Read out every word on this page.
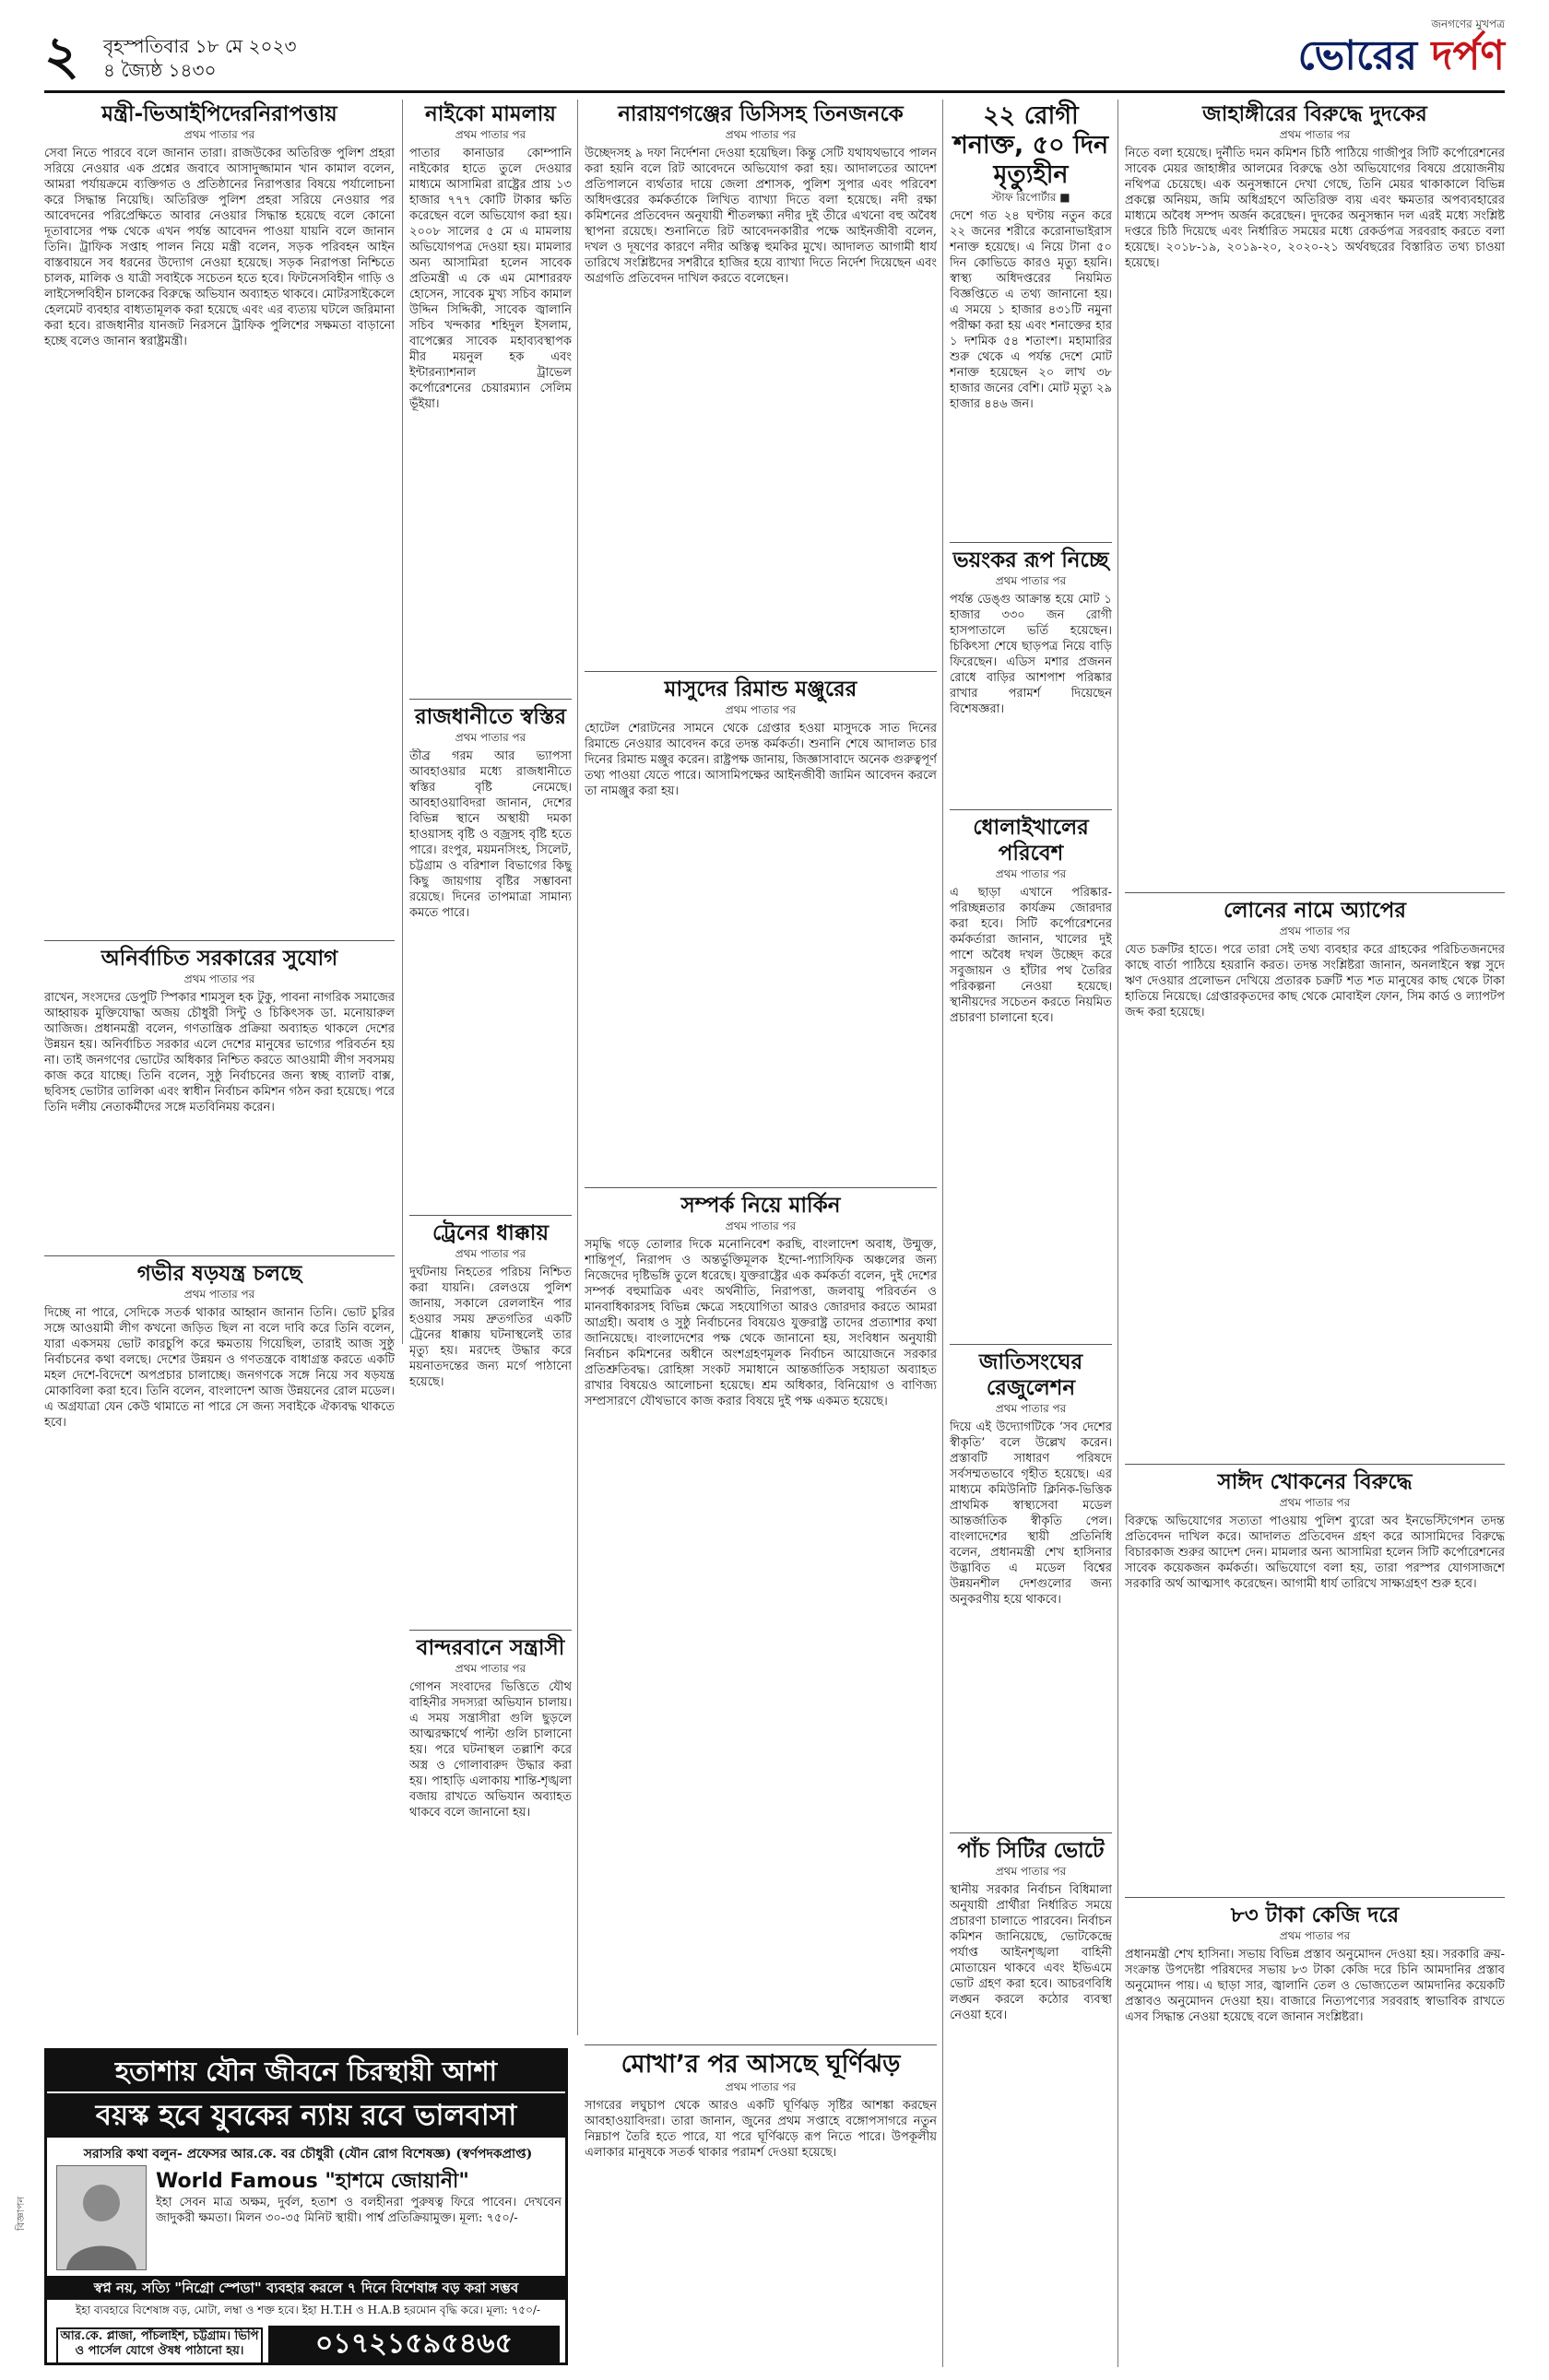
২ বৃহস্পতিবার ১৮ মে ২০২৩
৪ জ্যৈষ্ঠ ১৪৩০
জনগণের মুখপত্র
ভোরের দর্পণ
মন্ত্রী-ভিআইপিদেরনিরাপত্তায়
প্রথম পাতার পর
সেবা নিতে পারবে বলে জানান তারা। রাজউকের অতিরিক্ত পুলিশ প্রহরা সরিয়ে নেওয়ার এক প্রশ্নের জবাবে আসাদুজ্জামান খান কামাল বলেন, আমরা পর্যায়ক্রমে ব্যক্তিগত ও প্রতিষ্ঠানের নিরাপত্তার বিষয়ে পর্যালোচনা করে সিদ্ধান্ত নিয়েছি। অতিরিক্ত পুলিশ প্রহরা সরিয়ে নেওয়ার পর আবেদনের পরিপ্রেক্ষিতে আবার নেওয়ার সিদ্ধান্ত হয়েছে বলে কোনো দূতাবাসের পক্ষ থেকে এখন পর্যন্ত আবেদন পাওয়া যায়নি বলে জানান তিনি। ট্রাফিক সপ্তাহ পালন নিয়ে মন্ত্রী বলেন, সড়ক পরিবহন আইন বাস্তবায়নে সব ধরনের উদ্যোগ নেওয়া হয়েছে। সড়ক নিরাপত্তা নিশ্চিতে চালক, মালিক ও যাত্রী সবাইকে সচেতন হতে হবে। ফিটনেসবিহীন গাড়ি ও লাইসেন্সবিহীন চালকের বিরুদ্ধে অভিযান অব্যাহত থাকবে। মোটরসাইকেলে হেলমেট ব্যবহার বাধ্যতামূলক করা হয়েছে এবং এর ব্যত্যয় ঘটলে জরিমানা করা হবে। রাজধানীর যানজট নিরসনে ট্রাফিক পুলিশের সক্ষমতা বাড়ানো হচ্ছে বলেও জানান স্বরাষ্ট্রমন্ত্রী।
নাইকো মামলায়
প্রথম পাতার পর
পাতার কানাডার কোম্পানি নাইকোর হাতে তুলে দেওয়ার মাধ্যমে আসামিরা রাষ্ট্রের প্রায় ১৩ হাজার ৭৭৭ কোটি টাকার ক্ষতি করেছেন বলে অভিযোগ করা হয়। ২০০৮ সালের ৫ মে এ মামলায় অভিযোগপত্র দেওয়া হয়। মামলার অন্য আসামিরা হলেন সাবেক প্রতিমন্ত্রী এ কে এম মোশাররফ হোসেন, সাবেক মুখ্য সচিব কামাল উদ্দিন সিদ্দিকী, সাবেক জ্বালানি সচিব খন্দকার শহিদুল ইসলাম, বাপেক্সের সাবেক মহাব্যবস্থাপক মীর ময়নুল হক এবং ইন্টারন্যাশনাল ট্রাভেল কর্পোরেশনের চেয়ারম্যান সেলিম ভূঁইয়া।
নারায়ণগঞ্জের ডিসিসহ তিনজনকে
প্রথম পাতার পর
উচ্ছেদসহ ৯ দফা নির্দেশনা দেওয়া হয়েছিল। কিন্তু সেটি যথাযথভাবে পালন করা হয়নি বলে রিট আবেদনে অভিযোগ করা হয়। আদালতের আদেশ প্রতিপালনে ব্যর্থতার দায়ে জেলা প্রশাসক, পুলিশ সুপার এবং পরিবেশ অধিদপ্তরের কর্মকর্তাকে লিখিত ব্যাখ্যা দিতে বলা হয়েছে। নদী রক্ষা কমিশনের প্রতিবেদন অনুযায়ী শীতলক্ষ্যা নদীর দুই তীরে এখনো বহু অবৈধ স্থাপনা রয়েছে। শুনানিতে রিট আবেদনকারীর পক্ষে আইনজীবী বলেন, দখল ও দূষণের কারণে নদীর অস্তিত্ব হুমকির মুখে। আদালত আগামী ধার্য তারিখে সংশ্লিষ্টদের সশরীরে হাজির হয়ে ব্যাখ্যা দিতে নির্দেশ দিয়েছেন এবং অগ্রগতি প্রতিবেদন দাখিল করতে বলেছেন।
২২ রোগী শনাক্ত, ৫০ দিন মৃত্যুহীন
স্টাফ রিপোর্টার ■
দেশে গত ২৪ ঘণ্টায় নতুন করে ২২ জনের শরীরে করোনাভাইরাস শনাক্ত হয়েছে। এ নিয়ে টানা ৫০ দিন কোভিডে কারও মৃত্যু হয়নি। স্বাস্থ্য অধিদপ্তরের নিয়মিত বিজ্ঞপ্তিতে এ তথ্য জানানো হয়। এ সময়ে ১ হাজার ৪৩১টি নমুনা পরীক্ষা করা হয় এবং শনাক্তের হার ১ দশমিক ৫৪ শতাংশ। মহামারির শুরু থেকে এ পর্যন্ত দেশে মোট শনাক্ত হয়েছেন ২০ লাখ ৩৮ হাজার জনের বেশি। মোট মৃত্যু ২৯ হাজার ৪৪৬ জন।
জাহাঙ্গীরের বিরুদ্ধে দুদকের
প্রথম পাতার পর
নিতে বলা হয়েছে। দুর্নীতি দমন কমিশন চিঠি পাঠিয়ে গাজীপুর সিটি কর্পোরেশনের সাবেক মেয়র জাহাঙ্গীর আলমের বিরুদ্ধে ওঠা অভিযোগের বিষয়ে প্রয়োজনীয় নথিপত্র চেয়েছে। এক অনুসন্ধানে দেখা গেছে, তিনি মেয়র থাকাকালে বিভিন্ন প্রকল্পে অনিয়ম, জমি অধিগ্রহণে অতিরিক্ত ব্যয় এবং ক্ষমতার অপব্যবহারের মাধ্যমে অবৈধ সম্পদ অর্জন করেছেন। দুদকের অনুসন্ধান দল এরই মধ্যে সংশ্লিষ্ট দপ্তরে চিঠি দিয়েছে এবং নির্ধারিত সময়ের মধ্যে রেকর্ডপত্র সরবরাহ করতে বলা হয়েছে। ২০১৮-১৯, ২০১৯-২০, ২০২০-২১ অর্থবছরের বিস্তারিত তথ্য চাওয়া হয়েছে।
অনির্বাচিত সরকারের সুযোগ
প্রথম পাতার পর
রাখেন, সংসদের ডেপুটি স্পিকার শামসুল হক টুকু, পাবনা নাগরিক সমাজের আহ্বায়ক মুক্তিযোদ্ধা অজয় চৌধুরী সিন্টু ও চিকিৎসক ডা. মনোয়ারুল আজিজ। প্রধানমন্ত্রী বলেন, গণতান্ত্রিক প্রক্রিয়া অব্যাহত থাকলে দেশের উন্নয়ন হয়। অনির্বাচিত সরকার এলে দেশের মানুষের ভাগ্যের পরিবর্তন হয় না। তাই জনগণের ভোটের অধিকার নিশ্চিত করতে আওয়ামী লীগ সবসময় কাজ করে যাচ্ছে। তিনি বলেন, সুষ্ঠু নির্বাচনের জন্য স্বচ্ছ ব্যালট বাক্স, ছবিসহ ভোটার তালিকা এবং স্বাধীন নির্বাচন কমিশন গঠন করা হয়েছে। পরে তিনি দলীয় নেতাকর্মীদের সঙ্গে মতবিনিময় করেন।
রাজধানীতে স্বস্তির
প্রথম পাতার পর
তীব্র গরম আর ভ্যাপসা আবহাওয়ার মধ্যে রাজধানীতে স্বস্তির বৃষ্টি নেমেছে। আবহাওয়াবিদরা জানান, দেশের বিভিন্ন স্থানে অস্থায়ী দমকা হাওয়াসহ বৃষ্টি ও বজ্রসহ বৃষ্টি হতে পারে। রংপুর, ময়মনসিংহ, সিলেট, চট্টগ্রাম ও বরিশাল বিভাগের কিছু কিছু জায়গায় বৃষ্টির সম্ভাবনা রয়েছে। দিনের তাপমাত্রা সামান্য কমতে পারে।
মাসুদের রিমান্ড মঞ্জুরের
প্রথম পাতার পর
হোটেল শেরাটনের সামনে থেকে গ্রেপ্তার হওয়া মাসুদকে সাত দিনের রিমান্ডে নেওয়ার আবেদন করে তদন্ত কর্মকর্তা। শুনানি শেষে আদালত চার দিনের রিমান্ড মঞ্জুর করেন। রাষ্ট্রপক্ষ জানায়, জিজ্ঞাসাবাদে অনেক গুরুত্বপূর্ণ তথ্য পাওয়া যেতে পারে। আসামিপক্ষের আইনজীবী জামিন আবেদন করলে তা নামঞ্জুর করা হয়।
ভয়ংকর রূপ নিচ্ছে
প্রথম পাতার পর
পর্যন্ত ডেঙ্গু আক্রান্ত হয়ে মোট ১ হাজার ৩৩০ জন রোগী হাসপাতালে ভর্তি হয়েছেন। চিকিৎসা শেষে ছাড়পত্র নিয়ে বাড়ি ফিরেছেন। এডিস মশার প্রজনন রোধে বাড়ির আশপাশ পরিষ্কার রাখার পরামর্শ দিয়েছেন বিশেষজ্ঞরা।
ধোলাইখালের পরিবেশ
প্রথম পাতার পর
এ ছাড়া এখানে পরিষ্কার-পরিচ্ছন্নতার কার্যক্রম জোরদার করা হবে। সিটি কর্পোরেশনের কর্মকর্তারা জানান, খালের দুই পাশে অবৈধ দখল উচ্ছেদ করে সবুজায়ন ও হাঁটার পথ তৈরির পরিকল্পনা নেওয়া হয়েছে। স্থানীয়দের সচেতন করতে নিয়মিত প্রচারণা চালানো হবে।
লোনের নামে অ্যাপের
প্রথম পাতার পর
যেত চক্রটির হাতে। পরে তারা সেই তথ্য ব্যবহার করে গ্রাহকের পরিচিতজনদের কাছে বার্তা পাঠিয়ে হয়রানি করত। তদন্ত সংশ্লিষ্টরা জানান, অনলাইনে স্বল্প সুদে ঋণ দেওয়ার প্রলোভন দেখিয়ে প্রতারক চক্রটি শত শত মানুষের কাছ থেকে টাকা হাতিয়ে নিয়েছে। গ্রেপ্তারকৃতদের কাছ থেকে মোবাইল ফোন, সিম কার্ড ও ল্যাপটপ জব্দ করা হয়েছে।
গভীর ষড়যন্ত্র চলছে
প্রথম পাতার পর
দিচ্ছে না পারে, সেদিকে সতর্ক থাকার আহ্বান জানান তিনি। ভোট চুরির সঙ্গে আওয়ামী লীগ কখনো জড়িত ছিল না বলে দাবি করে তিনি বলেন, যারা একসময় ভোট কারচুপি করে ক্ষমতায় গিয়েছিল, তারাই আজ সুষ্ঠু নির্বাচনের কথা বলছে। দেশের উন্নয়ন ও গণতন্ত্রকে বাধাগ্রস্ত করতে একটি মহল দেশে-বিদেশে অপপ্রচার চালাচ্ছে। জনগণকে সঙ্গে নিয়ে সব ষড়যন্ত্র মোকাবিলা করা হবে। তিনি বলেন, বাংলাদেশ আজ উন্নয়নের রোল মডেল। এ অগ্রযাত্রা যেন কেউ থামাতে না পারে সে জন্য সবাইকে ঐক্যবদ্ধ থাকতে হবে।
ট্রেনের ধাক্কায়
প্রথম পাতার পর
দুর্ঘটনায় নিহতের পরিচয় নিশ্চিত করা যায়নি। রেলওয়ে পুলিশ জানায়, সকালে রেললাইন পার হওয়ার সময় দ্রুতগতির একটি ট্রেনের ধাক্কায় ঘটনাস্থলেই তার মৃত্যু হয়। মরদেহ উদ্ধার করে ময়নাতদন্তের জন্য মর্গে পাঠানো হয়েছে।
বান্দরবানে সন্ত্রাসী
প্রথম পাতার পর
গোপন সংবাদের ভিত্তিতে যৌথ বাহিনীর সদস্যরা অভিযান চালায়। এ সময় সন্ত্রাসীরা গুলি ছুড়লে আত্মরক্ষার্থে পাল্টা গুলি চালানো হয়। পরে ঘটনাস্থল তল্লাশি করে অস্ত্র ও গোলাবারুদ উদ্ধার করা হয়। পাহাড়ি এলাকায় শান্তি-শৃঙ্খলা বজায় রাখতে অভিযান অব্যাহত থাকবে বলে জানানো হয়।
সম্পর্ক নিয়ে মার্কিন
প্রথম পাতার পর
সমৃদ্ধি গড়ে তোলার দিকে মনোনিবেশ করছি, বাংলাদেশ অবাধ, উন্মুক্ত, শান্তিপূর্ণ, নিরাপদ ও অন্তর্ভুক্তিমূলক ইন্দো-প্যাসিফিক অঞ্চলের জন্য নিজেদের দৃষ্টিভঙ্গি তুলে ধরেছে। যুক্তরাষ্ট্রের এক কর্মকর্তা বলেন, দুই দেশের সম্পর্ক বহুমাত্রিক এবং অর্থনীতি, নিরাপত্তা, জলবায়ু পরিবর্তন ও মানবাধিকারসহ বিভিন্ন ক্ষেত্রে সহযোগিতা আরও জোরদার করতে আমরা আগ্রহী। অবাধ ও সুষ্ঠু নির্বাচনের বিষয়েও যুক্তরাষ্ট্র তাদের প্রত্যাশার কথা জানিয়েছে। বাংলাদেশের পক্ষ থেকে জানানো হয়, সংবিধান অনুযায়ী নির্বাচন কমিশনের অধীনে অংশগ্রহণমূলক নির্বাচন আয়োজনে সরকার প্রতিশ্রুতিবদ্ধ। রোহিঙ্গা সংকট সমাধানে আন্তর্জাতিক সহায়তা অব্যাহত রাখার বিষয়েও আলোচনা হয়েছে। শ্রম অধিকার, বিনিয়োগ ও বাণিজ্য সম্প্রসারণে যৌথভাবে কাজ করার বিষয়ে দুই পক্ষ একমত হয়েছে।
জাতিসংঘের রেজুলেশন
প্রথম পাতার পর
দিয়ে এই উদ্যোগটিকে ‘সব দেশের স্বীকৃতি’ বলে উল্লেখ করেন। প্রস্তাবটি সাধারণ পরিষদে সর্বসম্মতভাবে গৃহীত হয়েছে। এর মাধ্যমে কমিউনিটি ক্লিনিক-ভিত্তিক প্রাথমিক স্বাস্থ্যসেবা মডেল আন্তর্জাতিক স্বীকৃতি পেল। বাংলাদেশের স্থায়ী প্রতিনিধি বলেন, প্রধানমন্ত্রী শেখ হাসিনার উদ্ভাবিত এ মডেল বিশ্বের উন্নয়নশীল দেশগুলোর জন্য অনুকরণীয় হয়ে থাকবে।
পাঁচ সিটির ভোটে
প্রথম পাতার পর
স্থানীয় সরকার নির্বাচন বিধিমালা অনুযায়ী প্রার্থীরা নির্ধারিত সময়ে প্রচারণা চালাতে পারবেন। নির্বাচন কমিশন জানিয়েছে, ভোটকেন্দ্রে পর্যাপ্ত আইনশৃঙ্খলা বাহিনী মোতায়েন থাকবে এবং ইভিএমে ভোট গ্রহণ করা হবে। আচরণবিধি লঙ্ঘন করলে কঠোর ব্যবস্থা নেওয়া হবে।
সাঈদ খোকনের বিরুদ্ধে
প্রথম পাতার পর
বিরুদ্ধে অভিযোগের সত্যতা পাওয়ায় পুলিশ ব্যুরো অব ইনভেস্টিগেশন তদন্ত প্রতিবেদন দাখিল করে। আদালত প্রতিবেদন গ্রহণ করে আসামিদের বিরুদ্ধে বিচারকাজ শুরুর আদেশ দেন। মামলার অন্য আসামিরা হলেন সিটি কর্পোরেশনের সাবেক কয়েকজন কর্মকর্তা। অভিযোগে বলা হয়, তারা পরস্পর যোগসাজশে সরকারি অর্থ আত্মসাৎ করেছেন। আগামী ধার্য তারিখে সাক্ষ্যগ্রহণ শুরু হবে।
৮৩ টাকা কেজি দরে
প্রথম পাতার পর
প্রধানমন্ত্রী শেখ হাসিনা। সভায় বিভিন্ন প্রস্তাব অনুমোদন দেওয়া হয়। সরকারি ক্রয়-সংক্রান্ত উপদেষ্টা পরিষদের সভায় ৮৩ টাকা কেজি দরে চিনি আমদানির প্রস্তাব অনুমোদন পায়। এ ছাড়া সার, জ্বালানি তেল ও ভোজ্যতেল আমদানির কয়েকটি প্রস্তাবও অনুমোদন দেওয়া হয়। বাজারে নিত্যপণ্যের সরবরাহ স্বাভাবিক রাখতে এসব সিদ্ধান্ত নেওয়া হয়েছে বলে জানান সংশ্লিষ্টরা।
মোখা’র পর আসছে ঘূর্ণিঝড়
প্রথম পাতার পর
সাগরের লঘুচাপ থেকে আরও একটি ঘূর্ণিঝড় সৃষ্টির আশঙ্কা করছেন আবহাওয়াবিদরা। তারা জানান, জুনের প্রথম সপ্তাহে বঙ্গোপসাগরে নতুন নিম্নচাপ তৈরি হতে পারে, যা পরে ঘূর্ণিঝড়ে রূপ নিতে পারে। উপকূলীয় এলাকার মানুষকে সতর্ক থাকার পরামর্শ দেওয়া হয়েছে।
হতাশায় যৌন জীবনে চিরস্থায়ী আশা
বয়স্ক হবে যুবকের ন্যায় রবে ভালবাসা
সরাসরি কথা বলুন- প্রফেসর আর.কে. বর চৌধুরী (যৌন রোগ বিশেষজ্ঞ) (স্বর্ণপদকপ্রাপ্ত)
World Famous "হাশমে জোয়ানী"
ইহা সেবন মাত্র অক্ষম, দুর্বল, হতাশ ও বলহীনরা পুরুষত্ব ফিরে পাবেন। দেখবেন জাদুকরী ক্ষমতা। মিলন ৩০-৩৫ মিনিট স্থায়ী। পার্শ্ব প্রতিক্রিয়ামুক্ত। মূল্য: ৭৫০/-
স্বপ্ন নয়, সত্যি "নিগ্রো স্পেডা" ব্যবহার করলে ৭ দিনে বিশেষাঙ্গ বড় করা সম্ভব
ইহা ব্যবহারে বিশেষাঙ্গ বড়, মোটা, লম্বা ও শক্ত হবে। ইহা H.T.H ও H.A.B হরমোন বৃদ্ধি করে। মূল্য: ৭৫০/-
আর.কে. প্লাজা, পাঁচলাইশ, চট্টগ্রাম। ভিপি ও পার্সেল যোগে ঔষধ পাঠানো হয়।	০১৭২১৫৯৫৪৬৫
বিজ্ঞাপন
